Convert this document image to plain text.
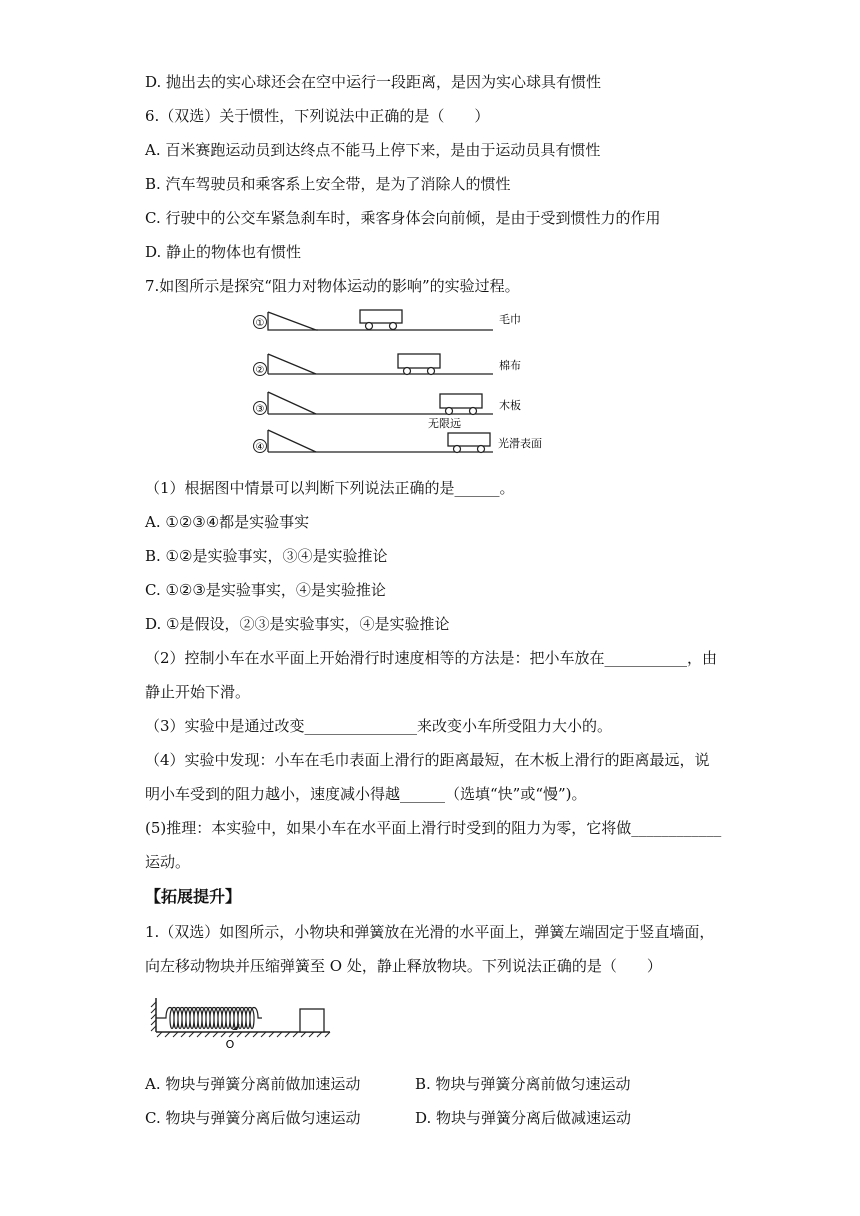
D. 抛出去的实心球还会在空中运行一段距离，是因为实心球具有惯性
6.（双选）关于惯性，下列说法中正确的是（　　）
A. 百米赛跑运动员到达终点不能马上停下来，是由于运动员具有惯性
B. 汽车驾驶员和乘客系上安全带，是为了消除人的惯性
C. 行驶中的公交车紧急刹车时，乘客身体会向前倾，是由于受到惯性力的作用
D. 静止的物体也有惯性
7.如图所示是探究“阻力对物体运动的影响”的实验过程。
①	毛巾
②	棉布
③	木板
无限远
④	光滑表面
（1）根据图中情景可以判断下列说法正确的是______。
A. ①②③④都是实验事实
B. ①②是实验事实，③④是实验推论
C. ①②③是实验事实，④是实验推论
D. ①是假设，②③是实验事实，④是实验推论
（2）控制小车在水平面上开始滑行时速度相等的方法是：把小车放在___________，由
静止开始下滑。
（3）实验中是通过改变_______________来改变小车所受阻力大小的。
（4）实验中发现：小车在毛巾表面上滑行的距离最短，在木板上滑行的距离最远，说
明小车受到的阻力越小，速度减小得越______（选填“快”或“慢”)。
(5)推理：本实验中，如果小车在水平面上滑行时受到的阻力为零，它将做____________
运动。
【拓展提升】
1.（双选）如图所示，小物块和弹簧放在光滑的水平面上，弹簧左端固定于竖直墙面，
向左移动物块并压缩弹簧至 O 处，静止释放物块。下列说法正确的是（　　）
O
A. 物块与弹簧分离前做加速运动	B. 物块与弹簧分离前做匀速运动
C. 物块与弹簧分离后做匀速运动	D. 物块与弹簧分离后做减速运动
